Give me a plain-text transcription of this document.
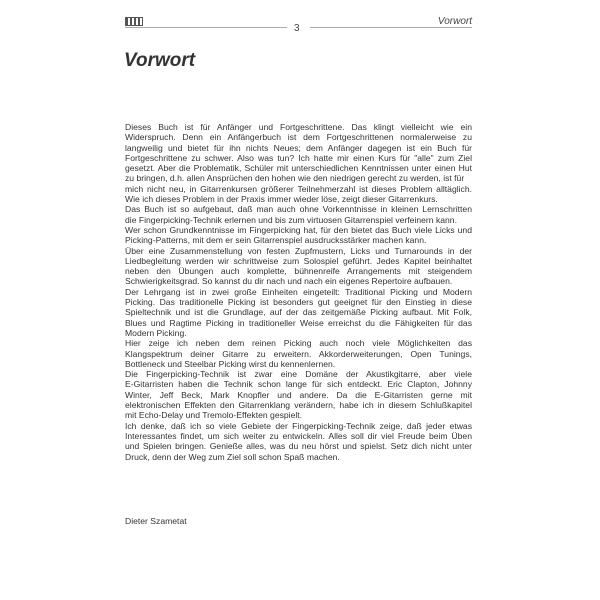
3
Vorwort
Vorwort
Dieses Buch ist für Anfänger und Fortgeschrittene. Das klingt vielleicht wie ein
Widerspruch. Denn ein Anfängerbuch ist dem Fortgeschrittenen normalerweise zu
langweilig und bietet für ihn nichts Neues; dem Anfänger dagegen ist ein Buch für
Fortgeschrittene zu schwer. Also was tun? Ich hatte mir einen Kurs für "alle" zum Ziel
gesetzt. Aber die Problematik, Schüler mit unterschiedlichen Kenntnissen unter einen Hut
zu bringen, d.h. allen Ansprüchen den hohen wie den niedrigen gerecht zu werden, ist für
mich nicht neu, in Gitarrenkursen größerer Teilnehmerzahl ist dieses Problem alltäglich.
Wie ich dieses Problem in der Praxis immer wieder löse, zeigt dieser Gitarrenkurs.
Das Buch ist so aufgebaut, daß man auch ohne Vorkenntnisse in kleinen Lernschritten
die Fingerpicking-Technik erlernen und bis zum virtuosen Gitarrenspiel verfeinern kann.
Wer schon Grundkenntnisse im Fingerpicking hat, für den bietet das Buch viele Licks und
Picking-Patterns, mit dem er sein Gitarrenspiel ausdrucksstärker machen kann.
Über eine Zusammenstellung von festen Zupfmustern, Licks und Turnarounds in der
Liedbegleitung werden wir schrittweise zum Solospiel geführt. Jedes Kapitel beinhaltet
neben den Übungen auch komplette, bühnenreife Arrangements mit steigendem
Schwierigkeitsgrad. So kannst du dir nach und nach ein eigenes Repertoire aufbauen.
Der Lehrgang ist in zwei große Einheiten eingeteilt: Traditional Picking und Modern
Picking. Das traditionelle Picking ist besonders gut geeignet für den Einstieg in diese
Spieltechnik und ist die Grundlage, auf der das zeitgemäße Picking aufbaut. Mit Folk,
Blues und Ragtime Picking in traditioneller Weise erreichst du die Fähigkeiten für das
Modern Picking.
Hier zeige ich neben dem reinen Picking auch noch viele Möglichkeiten das
Klangspektrum deiner Gitarre zu erweitern. Akkorderweiterungen, Open Tunings,
Bottleneck und Steelbar Picking wirst du kennenlernen.
Die Fingerpicking-Technik ist zwar eine Domäne der Akustikgitarre, aber viele
E-Gitarristen haben die Technik schon lange für sich entdeckt. Eric Clapton, Johnny
Winter, Jeff Beck, Mark Knopfler und andere. Da die E-Gitarristen gerne mit
elektronischen Effekten den Gitarrenklang verändern, habe ich in diesem Schlußkapitel
mit Echo-Delay und Tremolo-Effekten gespielt.
Ich denke, daß ich so viele Gebiete der Fingerpicking-Technik zeige, daß jeder etwas
Interessantes findet, um sich weiter zu entwickeln. Alles soll dir viel Freude beim Üben
und Spielen bringen. Genieße alles, was du neu hörst und spielst. Setz dich nicht unter
Druck, denn der Weg zum Ziel soll schon Spaß machen.
Dieter Szametat
